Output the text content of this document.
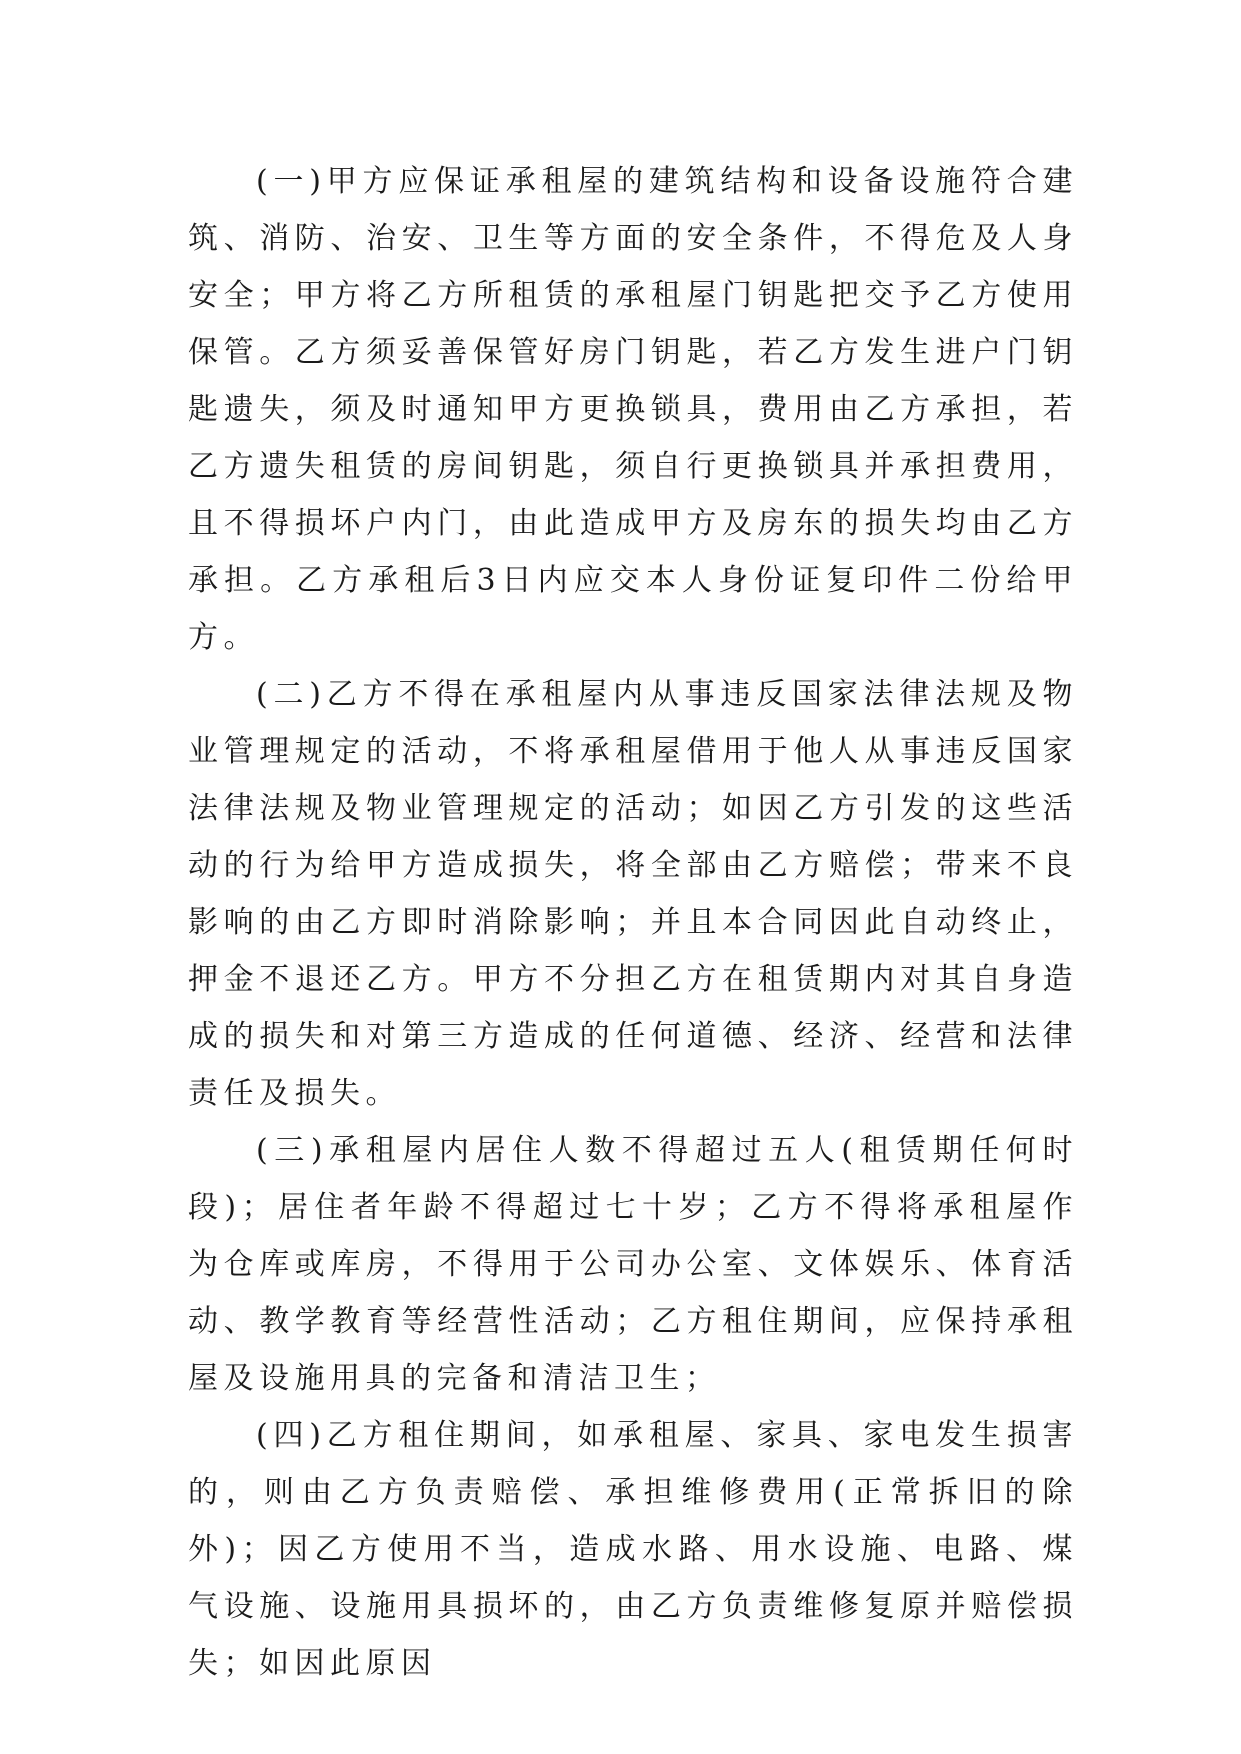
(一)甲方应保证承租屋的建筑结构和设备设施符合建筑、消防、治安、卫生等方面的安全条件，不得危及人身安全；甲方将乙方所租赁的承租屋门钥匙把交予乙方使用保管。乙方须妥善保管好房门钥匙，若乙方发生进户门钥匙遗失，须及时通知甲方更换锁具，费用由乙方承担，若乙方遗失租赁的房间钥匙，须自行更换锁具并承担费用，且不得损坏户内门，由此造成甲方及房东的损失均由乙方承担。乙方承租后3日内应交本人身份证复印件二份给甲方。

(二)乙方不得在承租屋内从事违反国家法律法规及物业管理规定的活动，不将承租屋借用于他人从事违反国家法律法规及物业管理规定的活动；如因乙方引发的这些活动的行为给甲方造成损失，将全部由乙方赔偿；带来不良影响的由乙方即时消除影响；并且本合同因此自动终止，押金不退还乙方。甲方不分担乙方在租赁期内对其自身造成的损失和对第三方造成的任何道德、经济、经营和法律责任及损失。

(三)承租屋内居住人数不得超过五人(租赁期任何时段)；居住者年龄不得超过七十岁；乙方不得将承租屋作为仓库或库房，不得用于公司办公室、文体娱乐、体育活动、教学教育等经营性活动；乙方租住期间，应保持承租屋及设施用具的完备和清洁卫生；

(四)乙方租住期间，如承租屋、家具、家电发生损害的，则由乙方负责赔偿、承担维修费用(正常拆旧的除外)；因乙方使用不当，造成水路、用水设施、电路、煤气设施、设施用具损坏的，由乙方负责维修复原并赔偿损失；如因此原因
